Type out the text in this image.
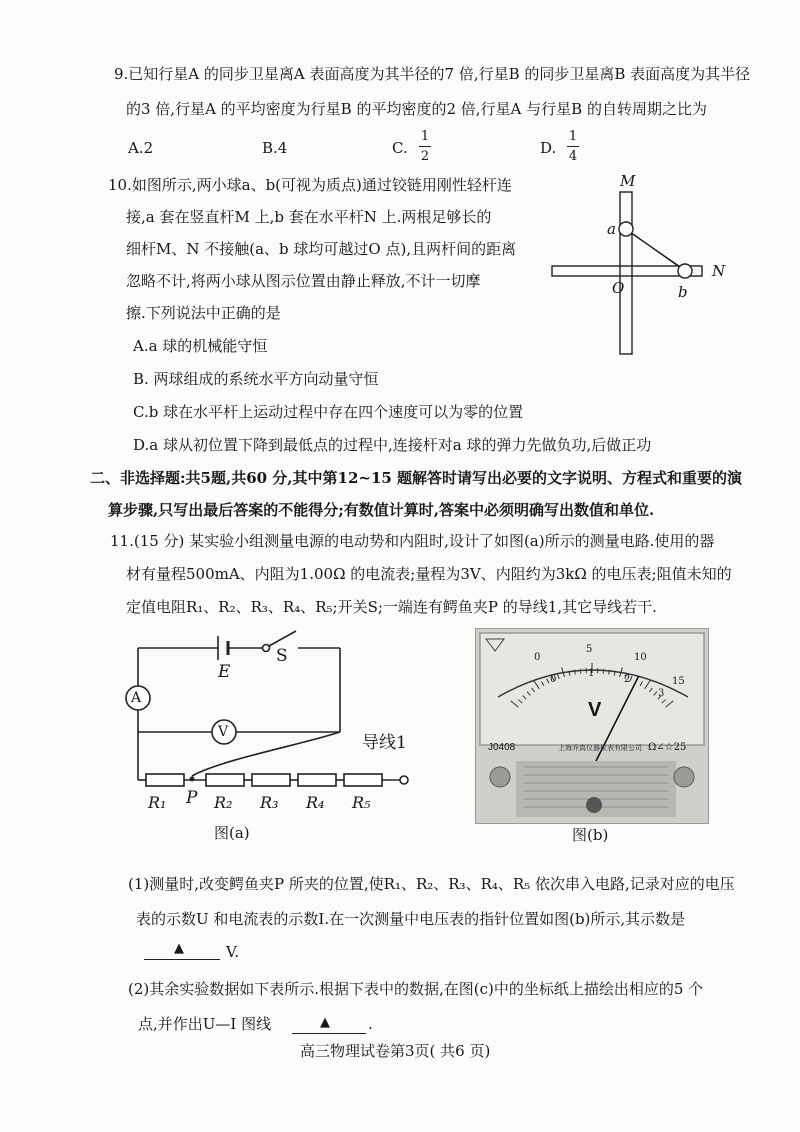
9.已知行星A 的同步卫星离A 表面高度为其半径的7 倍,行星B 的同步卫星离B 表面高度为其半径
的3 倍,行星A 的平均密度为行星B 的平均密度的2 倍,行星A 与行星B 的自转周期之比为
A.2	B.4	C.
1
2	D.
1
4
10.如图所示,两小球a、b(可视为质点)通过铰链用刚性轻杆连
接,a 套在竖直杆M 上,b 套在水平杆N 上.两根足够长的
细杆M、N 不接触(a、b 球均可越过O 点),且两杆间的距离
忽略不计,将两小球从图示位置由静止释放,不计一切摩
擦.下列说法中正确的是
A.a 球的机械能守恒
B. 两球组成的系统水平方向动量守恒
C.b 球在水平杆上运动过程中存在四个速度可以为零的位置
D.a 球从初位置下降到最低点的过程中,连接杆对a 球的弹力先做负功,后做正功
M
N
a
b
O
二、非选择题:共5题,共60 分,其中第12~15 题解答时请写出必要的文字说明、方程式和重要的演
算步骤,只写出最后答案的不能得分;有数值计算时,答案中必须明确写出数值和单位.
11.(15 分) 某实验小组测量电源的电动势和内阻时,设计了如图(a)所示的测量电路.使用的器
材有量程500mA、内阻为1.00Ω 的电流表;量程为3V、内阻约为3kΩ 的电压表;阻值未知的
定值电阻R₁、R₂、R₃、R₄、R₅;开关S;一端连有鳄鱼夹P 的导线1,其它导线若干.
A
V
E
S
导线1
P
R₁	R₂ R₃ R₄ R₅
图(a)
V
J0408	上海乔真仪器仪表有限公司 Ω∠☆25
0
5
10
15
0
1
2
3
图(b)
(1)测量时,改变鳄鱼夹P 所夹的位置,使R₁、R₂、R₃、R₄、R₅ 依次串入电路,记录对应的电压
表的示数U 和电流表的示数I.在一次测量中电压表的指针位置如图(b)所示,其示数是
▲	V.
(2)其余实验数据如下表所示.根据下表中的数据,在图(c)中的坐标纸上描绘出相应的5 个
点,并作出U—I 图线	▲	.
高三物理试卷第3页( 共6 页)
